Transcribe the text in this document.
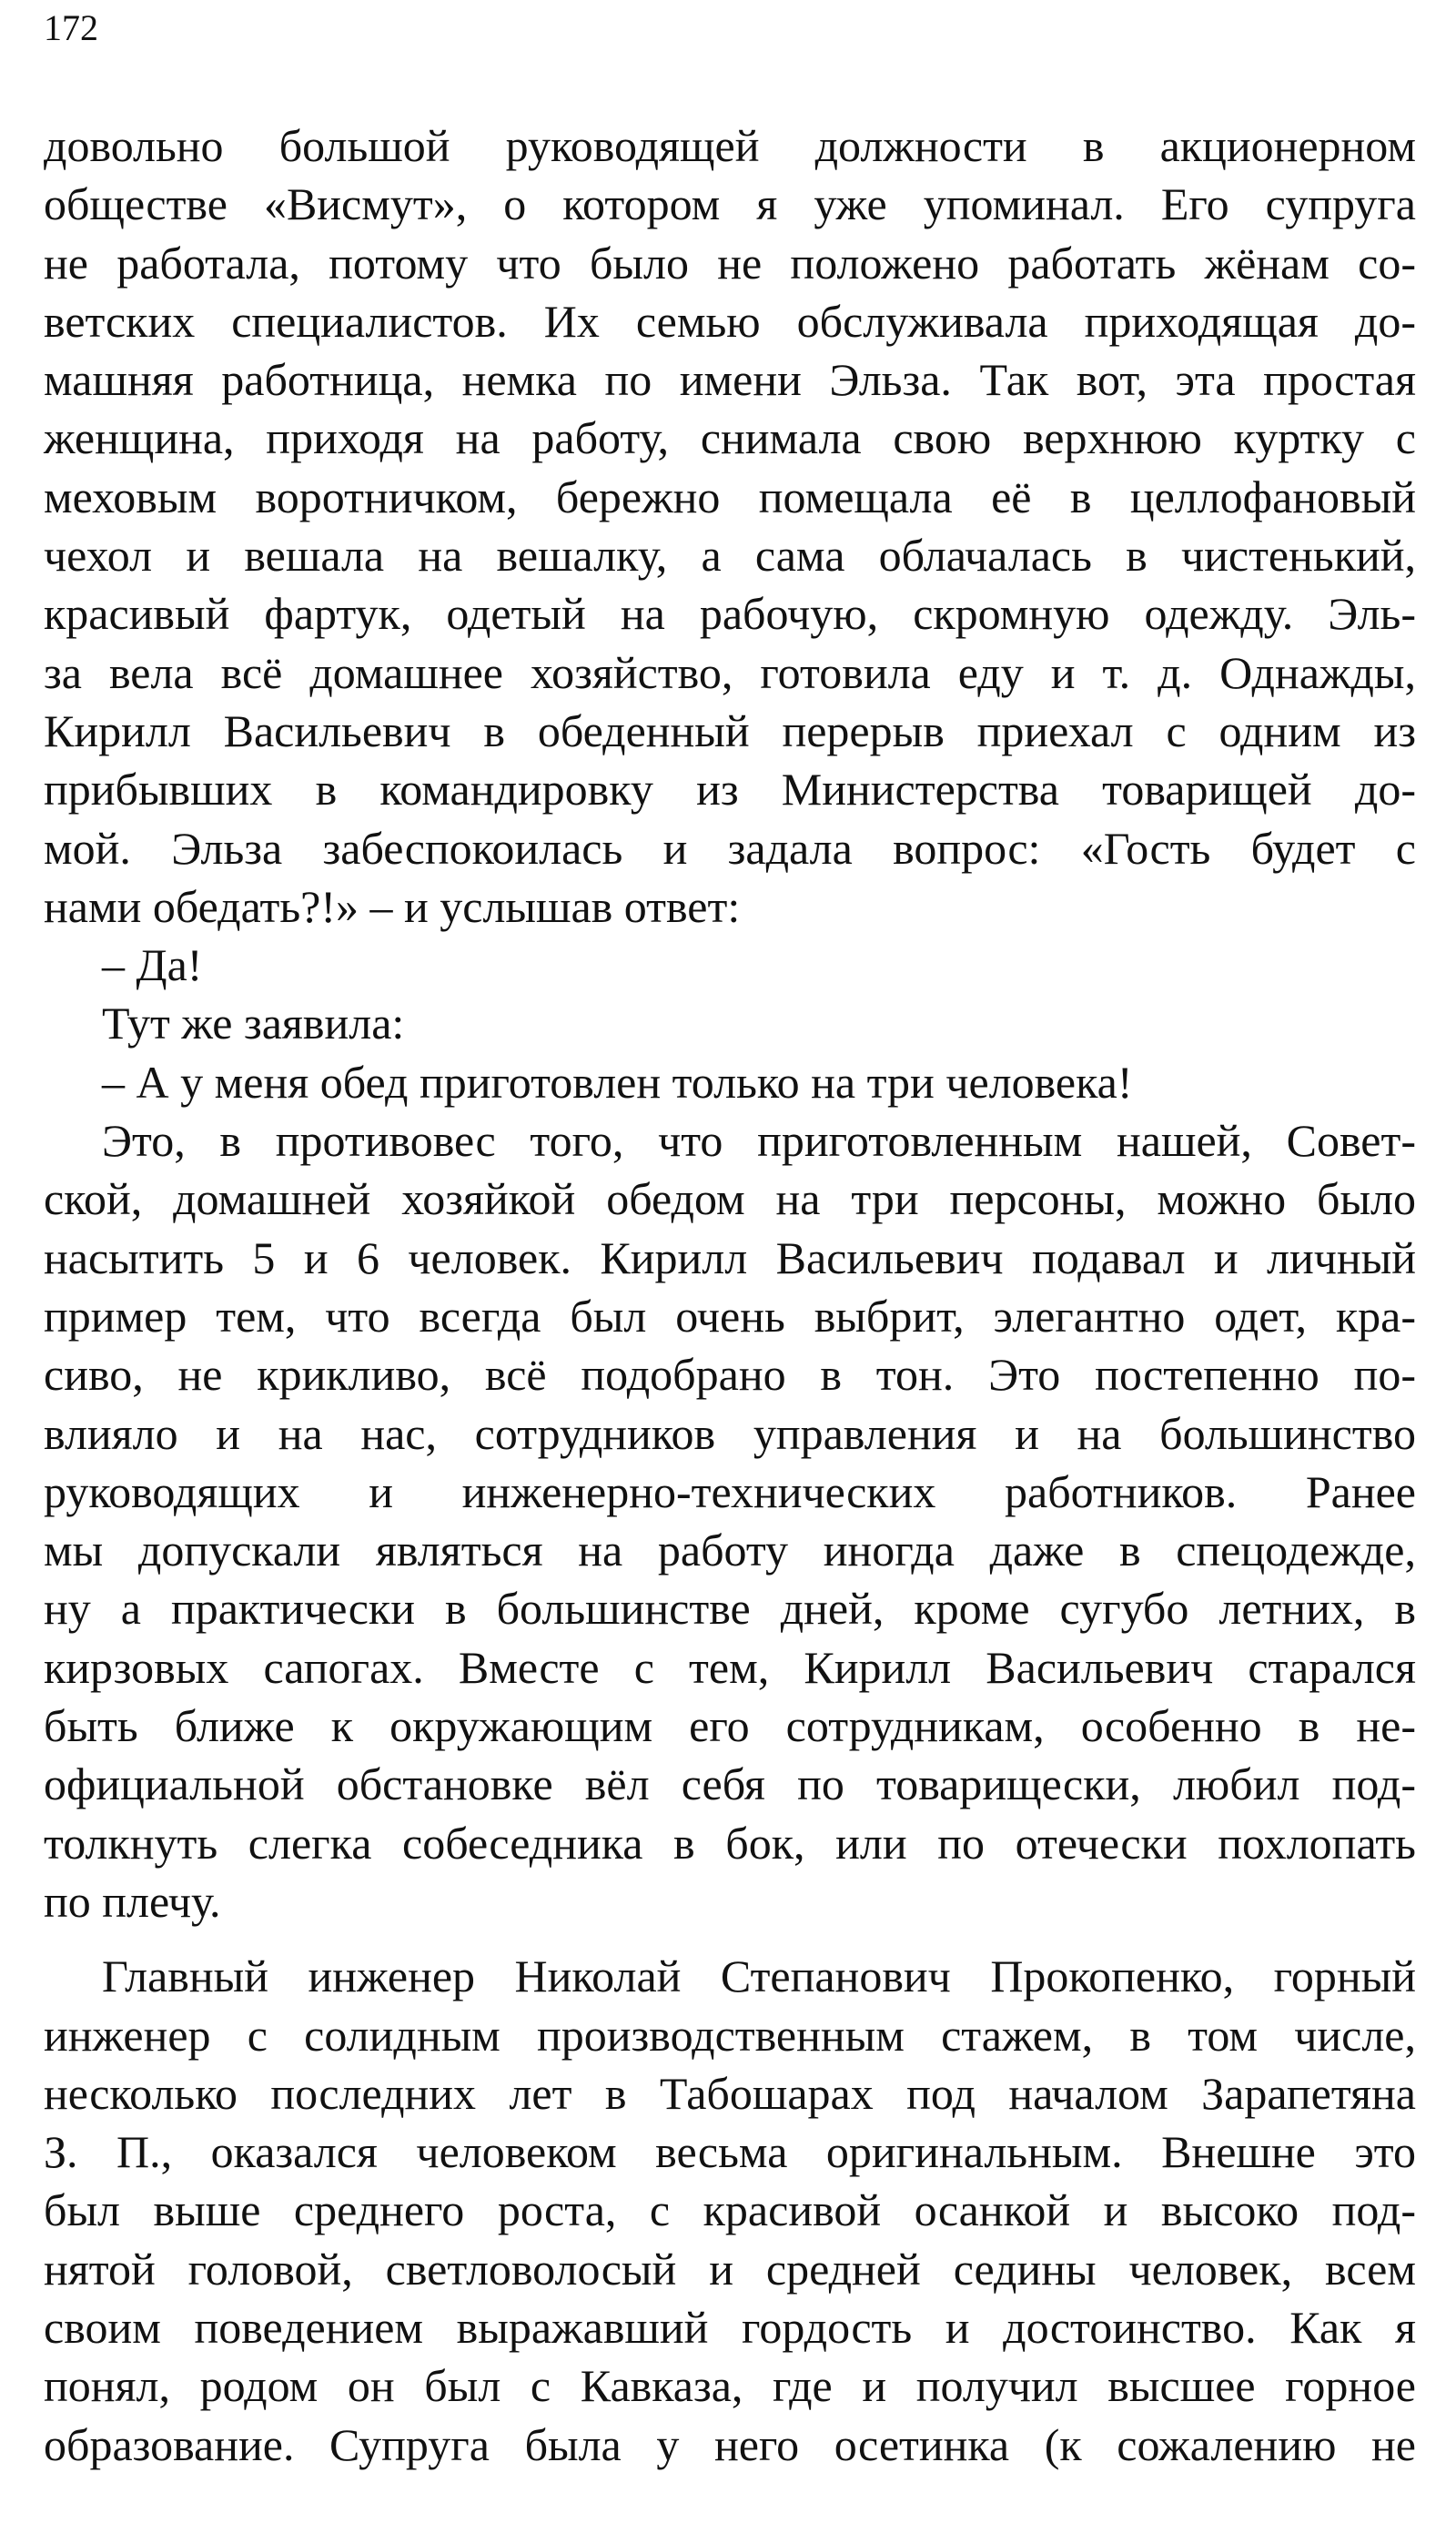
172
довольно большой руководящей должности в акционерном
обществе «Висмут», о котором я уже упоминал. Его супруга
не работала, потому что было не положено работать жёнам со-
ветских специалистов. Их семью обслуживала приходящая до-
машняя работница, немка по имени Эльза. Так вот, эта простая
женщина, приходя на работу, снимала свою верхнюю куртку с
меховым воротничком, бережно помещала её в целлофановый
чехол и вешала на вешалку, а сама облачалась в чистенький,
красивый фартук, одетый на рабочую, скромную одежду. Эль-
за вела всё домашнее хозяйство, готовила еду и т. д. Однажды,
Кирилл Васильевич в обеденный перерыв приехал с одним из
прибывших в командировку из Министерства товарищей до-
мой. Эльза забеспокоилась и задала вопрос: «Гость будет с
нами обедать?!» – и услышав ответ:
– Да!
Тут же заявила:
– А у меня обед приготовлен только на три человека!
Это, в противовес того, что приготовленным нашей, Совет-
ской, домашней хозяйкой обедом на три персоны, можно было
насытить 5 и 6 человек. Кирилл Васильевич подавал и личный
пример тем, что всегда был очень выбрит, элегантно одет, кра-
сиво, не крикливо, всё подобрано в тон. Это постепенно по-
влияло и на нас, сотрудников управления и на большинство
руководящих и инженерно-технических работников. Ранее
мы допускали являться на работу иногда даже в спецодежде,
ну а практически в большинстве дней, кроме сугубо летних, в
кирзовых сапогах. Вместе с тем, Кирилл Васильевич старался
быть ближе к окружающим его сотрудникам, особенно в не-
официальной обстановке вёл себя по товарищески, любил под-
толкнуть слегка собеседника в бок, или по отечески похлопать
по плечу.
Главный инженер Николай Степанович Прокопенко, горный
инженер с солидным производственным стажем, в том числе,
несколько последних лет в Табошарах под началом Зарапетяна
З. П., оказался человеком весьма оригинальным. Внешне это
был выше среднего роста, с красивой осанкой и высоко под-
нятой головой, светловолосый и средней седины человек, всем
своим поведением выражавший гордость и достоинство. Как я
понял, родом он был с Кавказа, где и получил высшее горное
образование. Супруга была у него осетинка (к сожалению не
